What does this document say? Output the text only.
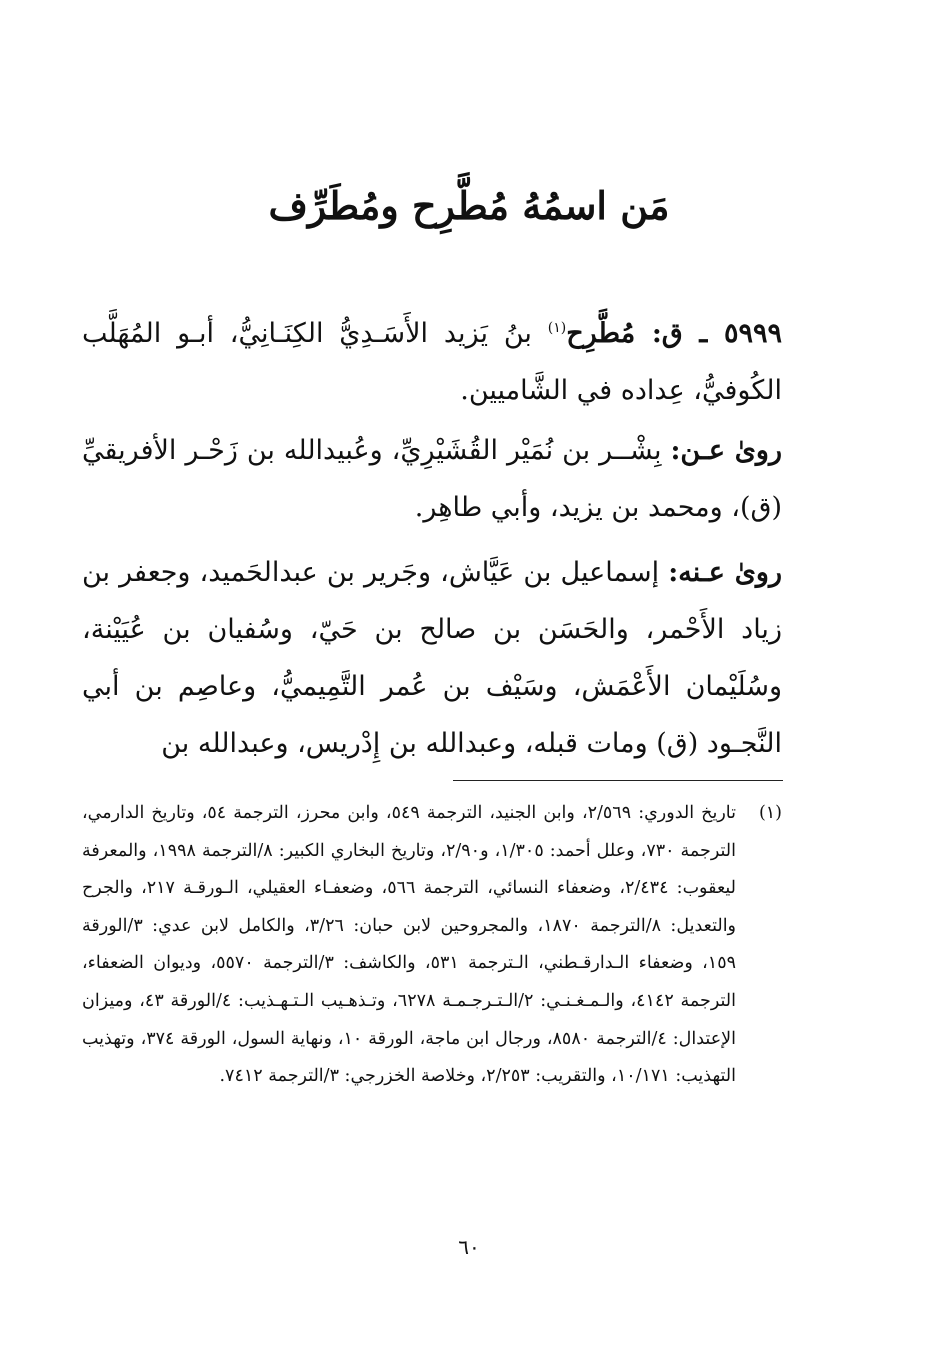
مَن اسمُهُ مُطَّرِح ومُطَرِّف
٥٩٩٩ ـ ق: مُطَّرِح$^{(١)}$ بنُ يَزيد الأَسَـدِيُّ الكِنَـانِيُّ، أبـو المُهَلَّب الكُوفيُّ، عِداده في الشَّاميين.
روىٰ عـن: بِشْــر بن نُمَيْر القُشَيْرِيِّ، وعُبيدالله بن زَحْـر الأفريقيِّ (ق)، ومحمد بن يزيد، وأبي طاهِر.
روىٰ عـنه: إسماعيل بن عَيَّاش، وجَرير بن عبدالحَميد، وجعفر بن زياد الأَحْمر، والحَسَن بن صالح بن حَيّ، وسُفيان بن عُيَيْنة، وسُلَيْمان الأَعْمَش، وسَيْف بن عُمر التَّمِيميُّ، وعاصِم بن أبي النَّجـود (ق) ومات قبله، وعبدالله بن إِدْريس، وعبدالله بن
(١)
تاريخ الدوري: ٢/٥٦٩، وابن الجنيد، الترجمة ٥٤٩، وابن محرز، الترجمة ٥٤، وتاريخ الدارمي، الترجمة ٧٣٠، وعلل أحمد: ١/٣٠٥، و٢/٩٠، وتاريخ البخاري الكبير: ٨/الترجمة ١٩٩٨، والمعرفة ليعقوب: ٢/٤٣٤، وضعفاء النسائي، الترجمة ٥٦٦، وضعفـاء العقيلي، الـورقـة ٢١٧، والجرح والتعديل: ٨/الترجمة ١٨٧٠، والمجروحين لابن حبان: ٣/٢٦، والكامل لابن عدي: ٣/الورقة ١٥٩، وضعفاء الـدارقـطني، الـترجمة ٥٣١، والكاشف: ٣/الترجمة ٥٥٧٠، وديوان الضعفاء، الترجمة ٤١٤٢، والـمـغـنـي: ٢/الـتـرجـمـة ٦٢٧٨، وتـذهـيب الـتـهـذيب: ٤/الورقة ٤٣، وميزان الإعتدال: ٤/الترجمة ٨٥٨٠، ورجال ابن ماجة، الورقة ١٠، ونهاية السول، الورقة ٣٧٤، وتهذيب التهذيب: ١٠/١٧١، والتقريب: ٢/٢٥٣، وخلاصة الخزرجي: ٣/الترجمة ٧٤١٢.
٦٠
